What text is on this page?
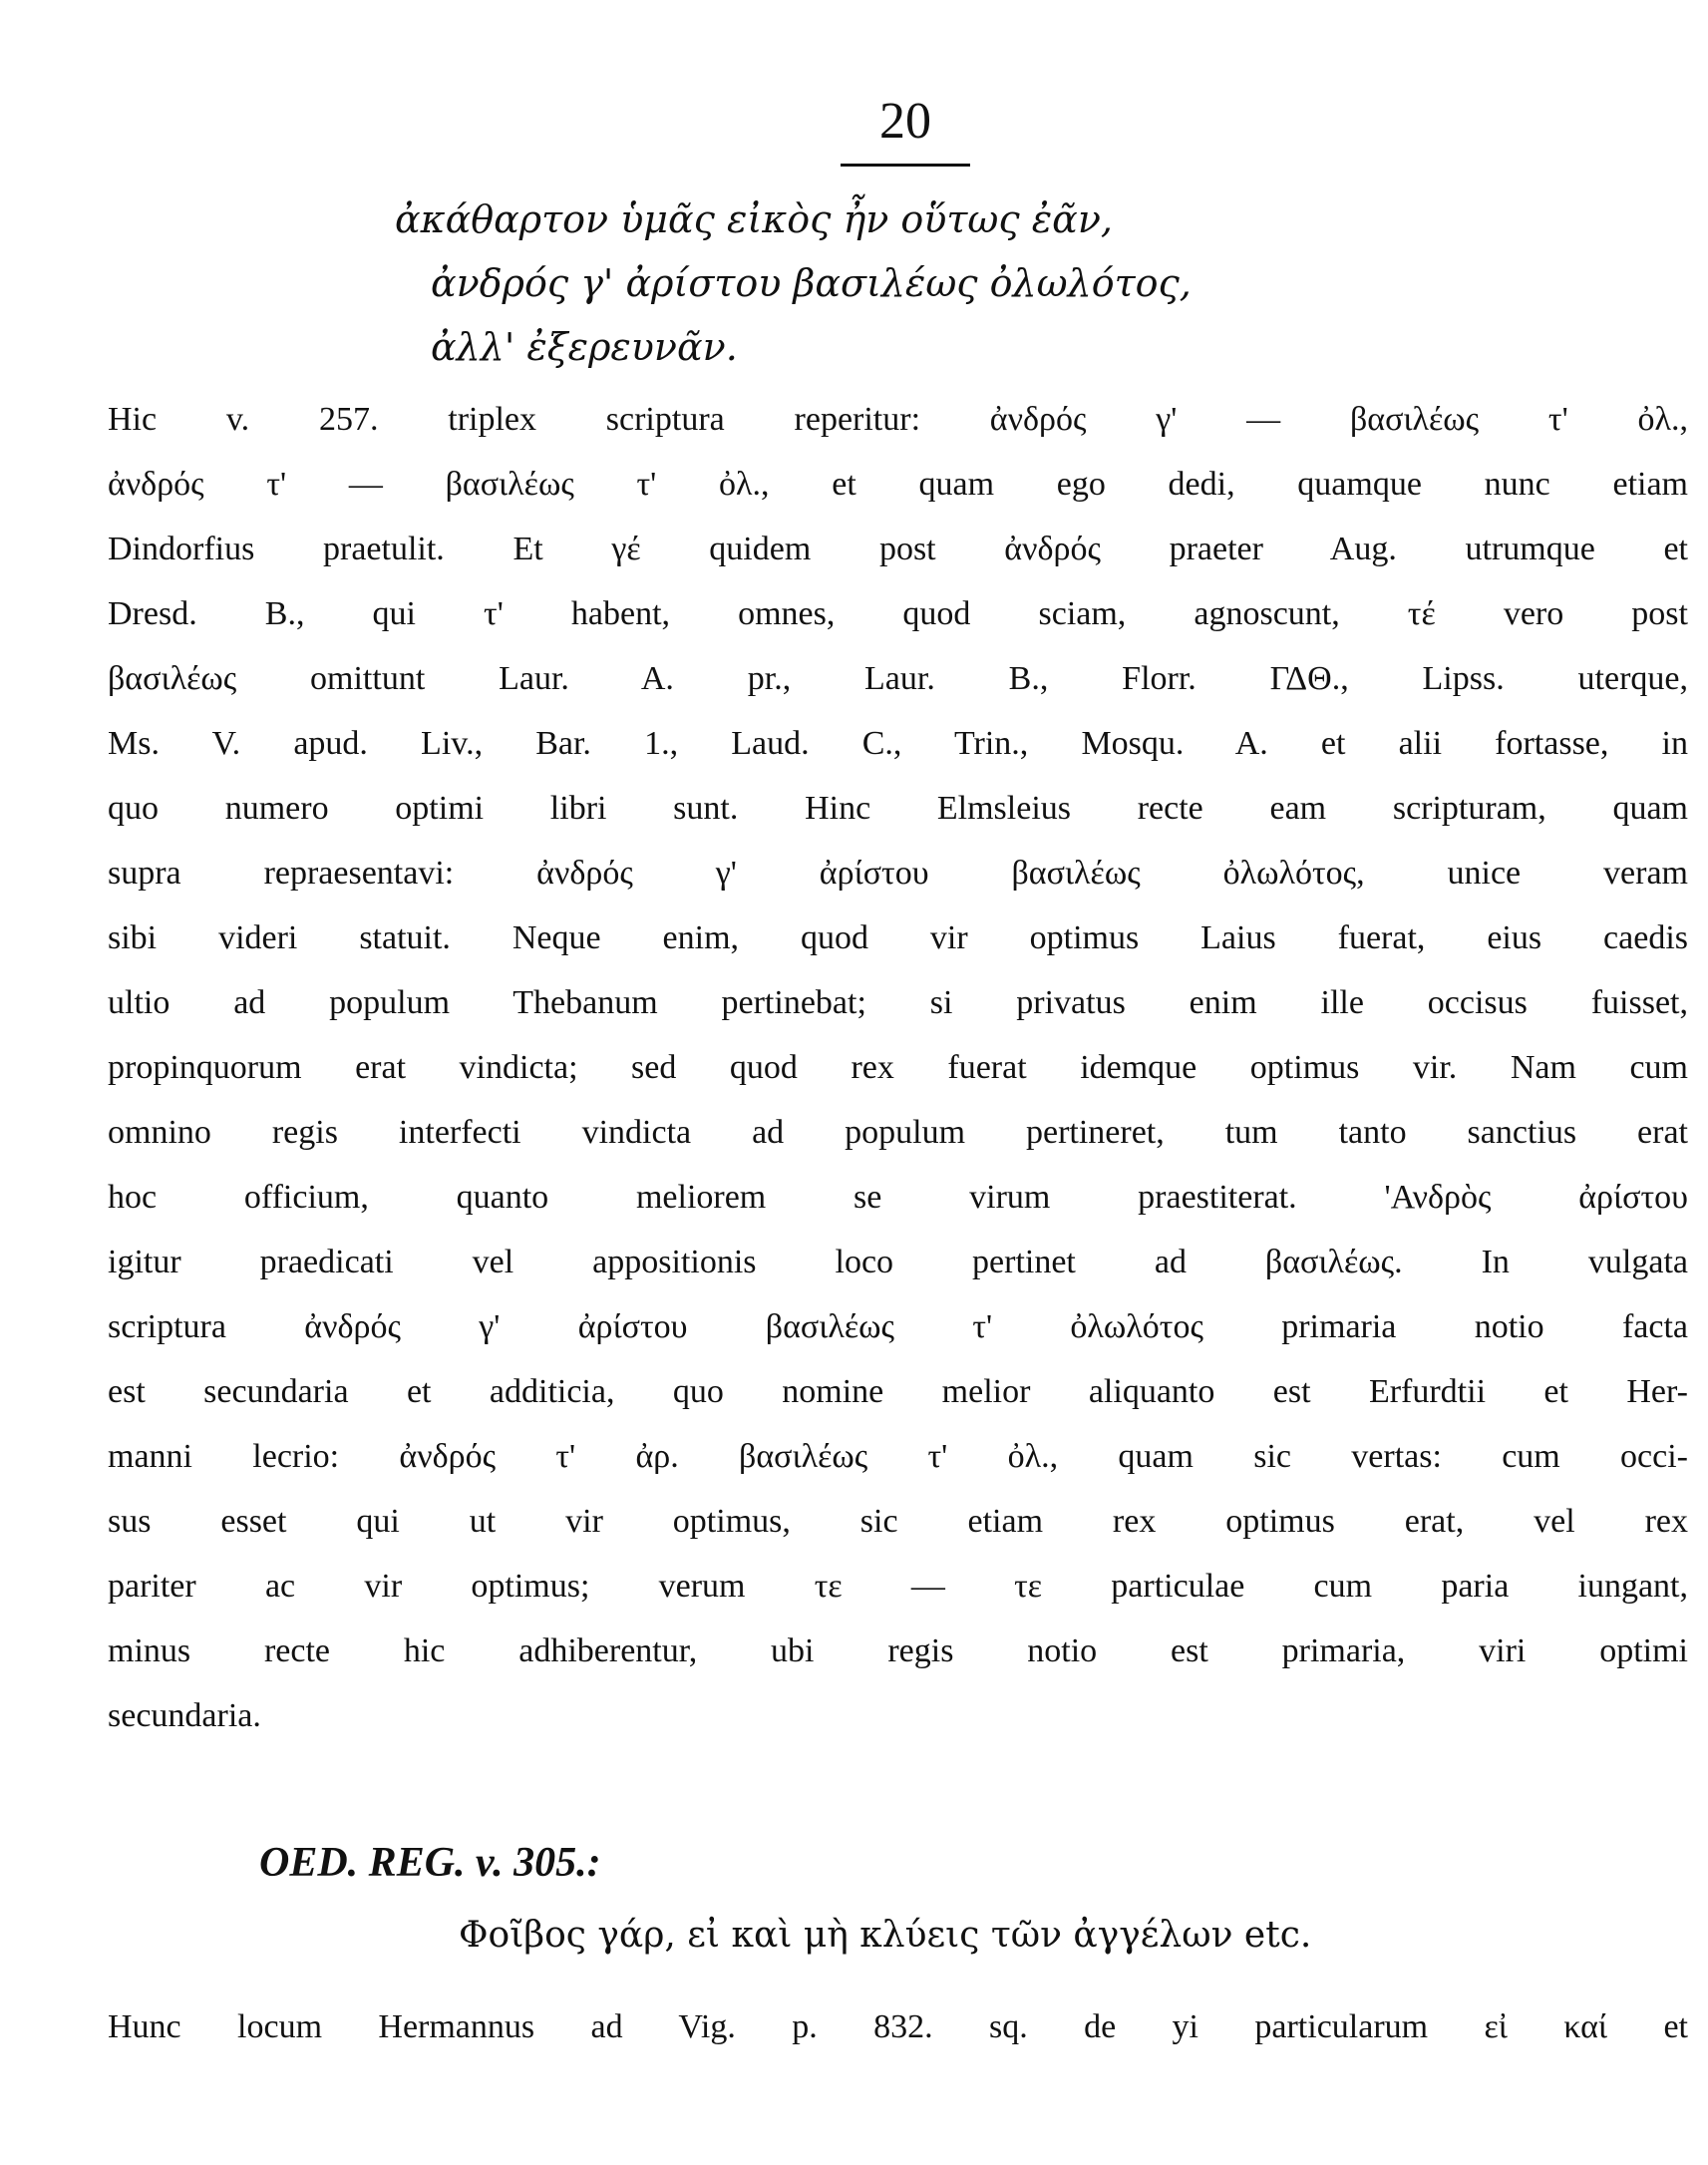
20
ἀκάθαρτον ὑμᾶς εἰκὸς ἦν οὕτως ἐᾶν,
ἀνδρός γ' ἀρίστου βασιλέως ὀλωλότος,
ἀλλ' ἐξερευνᾶν.
Hic v. 257. triplex scriptura reperitur: ἀνδρός γ' — βασιλέως τ' ὀλ.,
ἀνδρός τ' — βασιλέως τ' ὀλ., et quam ego dedi, quamque nunc etiam
Dindorfius praetulit. Et γέ quidem post ἀνδρός praeter Aug. utrumque et
Dresd. B., qui τ' habent, omnes, quod sciam, agnoscunt, τέ vero post
βασιλέως omittunt Laur. A. pr., Laur. B., Florr. ΓΔΘ., Lipss. uterque,
Ms. V. apud. Liv., Bar. 1., Laud. C., Trin., Mosqu. A. et alii fortasse, in
quo numero optimi libri sunt. Hinc Elmsleius recte eam scripturam, quam
supra repraesentavi: ἀνδρός γ' ἀρίστου βασιλέως ὀλωλότος, unice veram
sibi videri statuit. Neque enim, quod vir optimus Laius fuerat, eius caedis
ultio ad populum Thebanum pertinebat; si privatus enim ille occisus fuisset,
propinquorum erat vindicta; sed quod rex fuerat idemque optimus vir. Nam cum
omnino regis interfecti vindicta ad populum pertineret, tum tanto sanctius erat
hoc officium, quanto meliorem se virum praestiterat. 'Ανδρὸς ἀρίστου
igitur praedicati vel appositionis loco pertinet ad βασιλέως. In vulgata
scriptura ἀνδρός γ' ἀρίστου βασιλέως τ' ὀλωλότος primaria notio facta
est secundaria et additicia, quo nomine melior aliquanto est Erfurdtii et Her-
manni lecrio: ἀνδρός τ' ἀρ. βασιλέως τ' ὀλ., quam sic vertas: cum occi-
sus esset qui ut vir optimus, sic etiam rex optimus erat, vel rex
pariter ac vir optimus; verum τε — τε particulae cum paria iungant,
minus recte hic adhiberentur, ubi regis notio est primaria, viri optimi
secundaria.
OED. REG. v. 305.:
Φοῖβος γάρ, εἰ καὶ μὴ κλύεις τῶν ἀγγέλων etc.
Hunc locum Hermannus ad Vig. p. 832. sq. de yi particularum εἰ καί et
